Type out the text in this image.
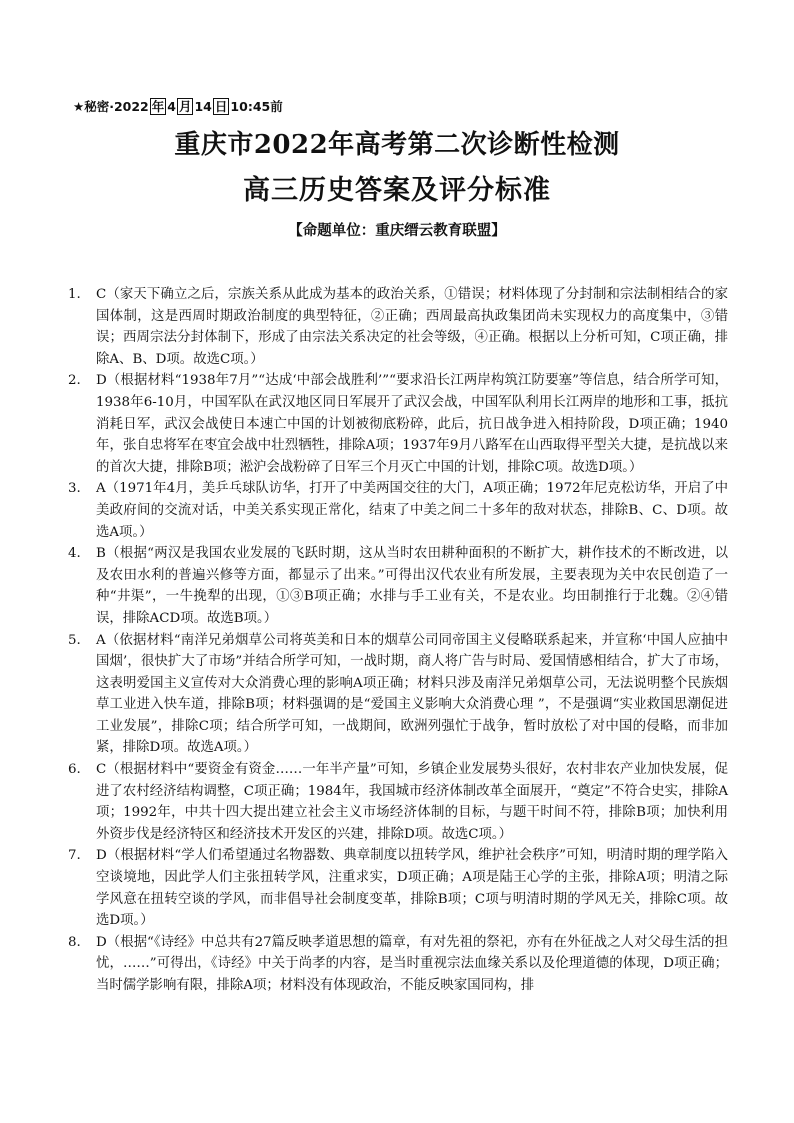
★秘密·2022 年 4 月 14 日 10:45前
重庆市2022年高考第二次诊断性检测
高三历史答案及评分标准
【命题单位：重庆缙云教育联盟】
1.	C（家天下确立之后，宗族关系从此成为基本的政治关系，①错误；材料体现了分封制和宗法制相结合的家国体制，这是西周时期政治制度的典型特征，②正确；西周最高执政集团尚未实现权力的高度集中，③错误；西周宗法分封体制下，形成了由宗法关系决定的社会等级，④正确。根据以上分析可知，C项正确，排除A、B、D项。故选C项。）
2.	D（根据材料“1938年7月”“达成‘中部会战胜利’”“要求沿长江两岸构筑江防要塞”等信息，结合所学可知，1938年6-10月，中国军队在武汉地区同日军展开了武汉会战，中国军队利用长江两岸的地形和工事，抵抗消耗日军，武汉会战使日本速亡中国的计划被彻底粉碎，此后，抗日战争进入相持阶段，D项正确；1940年，张自忠将军在枣宜会战中壮烈牺牲，排除A项；1937年9月八路军在山西取得平型关大捷，是抗战以来的首次大捷，排除B项；淞沪会战粉碎了日军三个月灭亡中国的计划，排除C项。故选D项。）
3.	A（1971年4月，美乒乓球队访华，打开了中美两国交往的大门，A项正确；1972年尼克松访华，开启了中美政府间的交流对话，中美关系实现正常化，结束了中美之间二十多年的敌对状态，排除B、C、D项。故选A项。）
4.	B（根据“两汉是我国农业发展的飞跃时期，这从当时农田耕种面积的不断扩大，耕作技术的不断改进，以及农田水利的普遍兴修等方面，都显示了出来。”可得出汉代农业有所发展，主要表现为关中农民创造了一种“井渠”，一牛挽犁的出现，①③B项正确；水排与手工业有关，不是农业。均田制推行于北魏。②④错误，排除ACD项。故选B项。）
5.	A（依据材料“南洋兄弟烟草公司将英美和日本的烟草公司同帝国主义侵略联系起来，并宣称‘中国人应抽中国烟’，很快扩大了市场”并结合所学可知，一战时期，商人将广告与时局、爱国情感相结合，扩大了市场，这表明爱国主义宣传对大众消费心理的影响A项正确；材料只涉及南洋兄弟烟草公司，无法说明整个民族烟草工业进入快车道，排除B项；材料强调的是“爱国主义影响大众消费心理 ”，不是强调“实业救国思潮促进工业发展”，排除C项；结合所学可知，一战期间，欧洲列强忙于战争，暂时放松了对中国的侵略，而非加紧，排除D项。故选A项。）
6.	C（根据材料中“要资金有资金……一年半产量”可知，乡镇企业发展势头很好，农村非农产业加快发展，促进了农村经济结构调整，C项正确；1984年，我国城市经济体制改革全面展开，“奠定”不符合史实，排除A项；1992年，中共十四大提出建立社会主义市场经济体制的目标，与题干时间不符，排除B项；加快利用外资步伐是经济特区和经济技术开发区的兴建，排除D项。故选C项。）
7.	D（根据材料“学人们希望通过名物器数、典章制度以扭转学风，维护社会秩序”可知，明清时期的理学陷入空谈境地，因此学人们主张扭转学风，注重求实，D项正确；A项是陆王心学的主张，排除A项；明清之际学风意在扭转空谈的学风，而非倡导社会制度变革，排除B项；C项与明清时期的学风无关，排除C项。故选D项。）
8.	D（根据“《诗经》中总共有27篇反映孝道思想的篇章，有对先祖的祭祀，亦有在外征战之人对父母生活的担忧，……”可得出，《诗经》中关于尚孝的内容，是当时重视宗法血缘关系以及伦理道德的体现，D项正确；当时儒学影响有限，排除A项；材料没有体现政治，不能反映家国同构，排
